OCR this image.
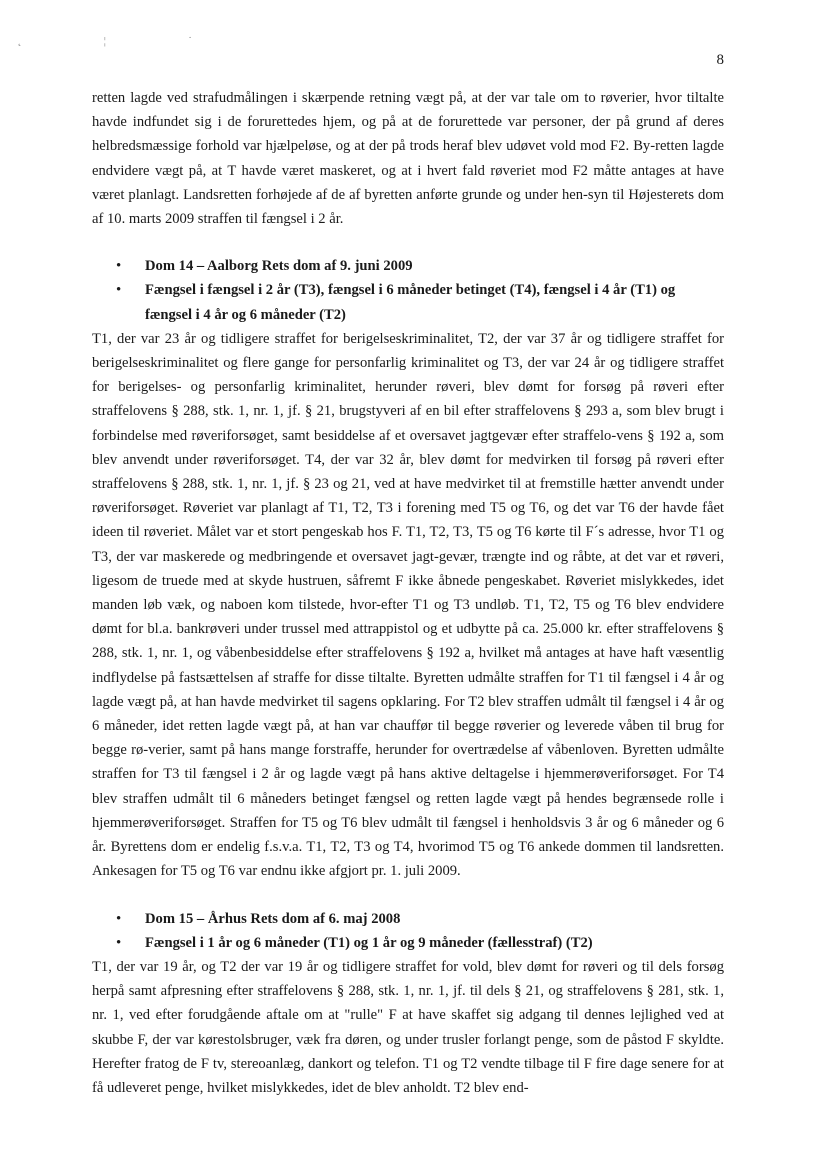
˛ ¦ ˙
8

retten lagde ved strafudmålingen i skærpende retning vægt på, at der var tale om to røverier, hvor tiltalte havde indfundet sig i de forurettedes hjem, og på at de forurettede var personer, der på grund af deres helbredsmæssige forhold var hjælpeløse, og at der på trods heraf blev udøvet vold mod F2. By-retten lagde endvidere vægt på, at T havde været maskeret, og at i hvert fald røveriet mod F2 måtte antages at have været planlagt. Landsretten forhøjede af de af byretten anførte grunde og under hen-syn til Højesterets dom af 10. marts 2009 straffen til fængsel i 2 år.

• Dom 14 – Aalborg Rets dom af 9. juni 2009
• Fængsel i fængsel i 2 år (T3), fængsel i 6 måneder betinget (T4), fængsel i 4 år (T1) og fængsel i 4 år og 6 måneder (T2)

T1, der var 23 år og tidligere straffet for berigelseskriminalitet, T2, der var 37 år og tidligere straffet for berigelseskriminalitet og flere gange for personfarlig kriminalitet og T3, der var 24 år og tidligere straffet for berigelses- og personfarlig kriminalitet, herunder røveri, blev dømt for forsøg på røveri efter straffelovens § 288, stk. 1, nr. 1, jf. § 21, brugstyveri af en bil efter straffelovens § 293 a, som blev brugt i forbindelse med røveriforsøget, samt besiddelse af et oversavet jagtgevær efter straffelo-vens § 192 a, som blev anvendt under røveriforsøget. T4, der var 32 år, blev dømt for medvirken til forsøg på røveri efter straffelovens § 288, stk. 1, nr. 1, jf. § 23 og 21, ved at have medvirket til at fremstille hætter anvendt under røveriforsøget. Røveriet var planlagt af T1, T2, T3 i forening med T5 og T6, og det var T6 der havde fået ideen til røveriet. Målet var et stort pengeskab hos F. T1, T2, T3, T5 og T6 kørte til F´s adresse, hvor T1 og T3, der var maskerede og medbringende et oversavet jagt-gevær, trængte ind og råbte, at det var et røveri, ligesom de truede med at skyde hustruen, såfremt F ikke åbnede pengeskabet. Røveriet mislykkedes, idet manden løb væk, og naboen kom tilstede, hvor-efter T1 og T3 undløb. T1, T2, T5 og T6 blev endvidere dømt for bl.a. bankrøveri under trussel med attrappistol og et udbytte på ca. 25.000 kr. efter straffelovens § 288, stk. 1, nr. 1, og våbenbesiddelse efter straffelovens § 192 a, hvilket må antages at have haft væsentlig indflydelse på fastsættelsen af straffe for disse tiltalte. Byretten udmålte straffen for T1 til fængsel i 4 år og lagde vægt på, at han havde medvirket til sagens opklaring. For T2 blev straffen udmålt til fængsel i 4 år og 6 måneder, idet retten lagde vægt på, at han var chauffør til begge røverier og leverede våben til brug for begge rø-verier, samt på hans mange forstraffe, herunder for overtrædelse af våbenloven. Byretten udmålte straffen for T3 til fængsel i 2 år og lagde vægt på hans aktive deltagelse i hjemmerøveriforsøget. For T4 blev straffen udmålt til 6 måneders betinget fængsel og retten lagde vægt på hendes begrænsede rolle i hjemmerøveriforsøget. Straffen for T5 og T6 blev udmålt til fængsel i henholdsvis 3 år og 6 måneder og 6 år. Byrettens dom er endelig f.s.v.a. T1, T2, T3 og T4, hvorimod T5 og T6 ankede dommen til landsretten. Ankesagen for T5 og T6 var endnu ikke afgjort pr. 1. juli 2009.

• Dom 15 – Århus Rets dom af 6. maj 2008
• Fængsel i 1 år og 6 måneder (T1) og 1 år og 9 måneder (fællesstraf) (T2)

T1, der var 19 år, og T2 der var 19 år og tidligere straffet for vold, blev dømt for røveri og til dels forsøg herpå samt afpresning efter straffelovens § 288, stk. 1, nr. 1, jf. til dels § 21, og straffelovens § 281, stk. 1, nr. 1, ved efter forudgående aftale om at "rulle" F at have skaffet sig adgang til dennes lejlighed ved at skubbe F, der var kørestolsbruger, væk fra døren, og under trusler forlangt penge, som de påstod F skyldte. Herefter fratog de F tv, stereoanlæg, dankort og telefon. T1 og T2 vendte tilbage til F fire dage senere for at få udleveret penge, hvilket mislykkedes, idet de blev anholdt. T2 blev end-
